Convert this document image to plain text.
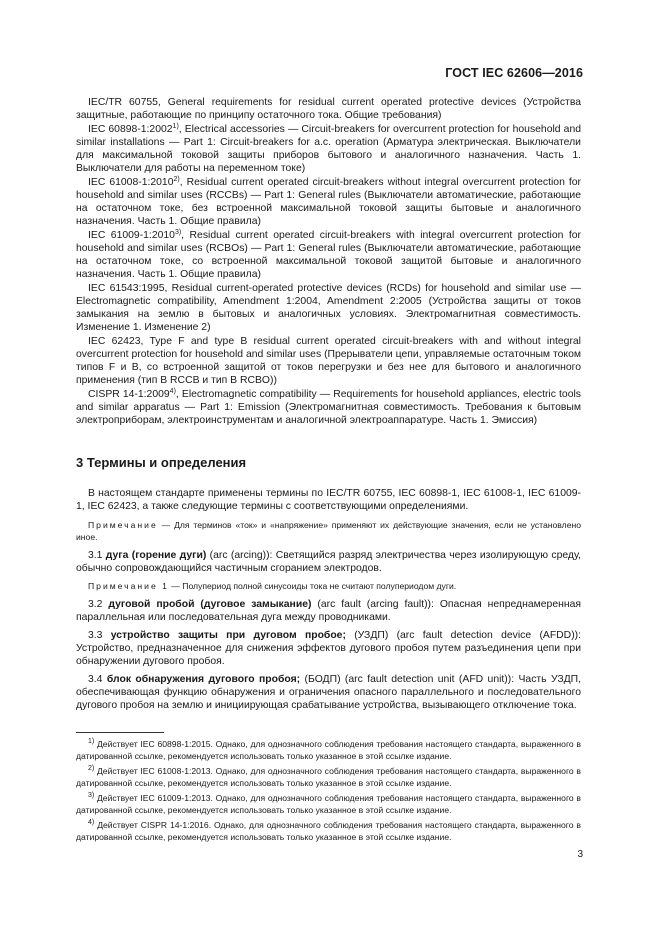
ГОСТ IEC 62606—2016

IEC/TR 60755, General requirements for residual current operated protective devices (Устройства защитные, работающие по принципу остаточного тока. Общие требования)

IEC 60898-1:2002$^{1)}$, Electrical accessories — Circuit-breakers for overcurrent protection for household and similar installations — Part 1: Circuit-breakers for a.c. operation (Арматура электрическая. Выключатели для максимальной токовой защиты приборов бытового и аналогичного назначения. Часть 1. Выключатели для работы на переменном токе)

IEC 61008-1:2010$^{2)}$, Residual current operated circuit-breakers without integral overcurrent protection for household and similar uses (RCCBs) — Part 1: General rules (Выключатели автоматические, работающие на остаточном токе, без встроенной максимальной токовой защиты бытовые и аналогичного назначения. Часть 1. Общие правила)

IEC 61009-1:2010$^{3)}$, Residual current operated circuit-breakers with integral overcurrent protection for household and similar uses (RCBOs) — Part 1: General rules (Выключатели автоматические, работающие на остаточном токе, со встроенной максимальной токовой защитой бытовые и аналогичного назначения. Часть 1. Общие правила)

IEC 61543:1995, Residual current-operated protective devices (RCDs) for household and similar use — Electromagnetic compatibility, Amendment 1:2004, Amendment 2:2005 (Устройства защиты от токов замыкания на землю в бытовых и аналогичных условиях. Электромагнитная совместимость. Изменение 1. Изменение 2)

IEC 62423, Type F and type B residual current operated circuit-breakers with and without integral overcurrent protection for household and similar uses (Прерыватели цепи, управляемые остаточным током типов F и B, со встроенной защитой от токов перегрузки и без нее для бытового и аналогичного применения (тип B RCCB и тип B RCBO))

CISPR 14-1:2009$^{4)}$, Electromagnetic compatibility — Requirements for household appliances, electric tools and similar apparatus — Part 1: Emission (Электромагнитная совместимость. Требования к бытовым электроприборам, электроинструментам и аналогичной электроаппаратуре. Часть 1. Эмиссия)

3 Термины и определения

В настоящем стандарте применены термины по IEC/TR 60755, IEC 60898-1, IEC 61008-1, IEC 61009-1, IEC 62423, а также следующие термины с соответствующими определениями.

Примечание — Для терминов «ток» и «напряжение» применяют их действующие значения, если не установлено иное.

3.1 дуга (горение дуги) (arc (arcing)): Светящийся разряд электричества через изолирующую среду, обычно сопровождающийся частичным сгоранием электродов.

Примечание 1 — Полупериод полной синусоиды тока не считают полупериодом дуги.

3.2 дуговой пробой (дуговое замыкание) (arc fault (arcing fault)): Опасная непреднамеренная параллельная или последовательная дуга между проводниками.

3.3 устройство защиты при дуговом пробое; (УЗДП) (arc fault detection device (AFDD)): Устройство, предназначенное для снижения эффектов дугового пробоя путем разъединения цепи при обнаружении дугового пробоя.

3.4 блок обнаружения дугового пробоя; (БОДП) (arc fault detection unit (AFD unit)): Часть УЗДП, обеспечивающая функцию обнаружения и ограничения опасного параллельного и последовательного дугового пробоя на землю и инициирующая срабатывание устройства, вызывающего отключение тока.

$^{1)}$ Действует IEC 60898-1:2015. Однако, для однозначного соблюдения требования настоящего стандарта, выраженного в датированной ссылке, рекомендуется использовать только указанное в этой ссылке издание.

$^{2)}$ Действует IEC 61008-1:2013. Однако, для однозначного соблюдения требования настоящего стандарта, выраженного в датированной ссылке, рекомендуется использовать только указанное в этой ссылке издание.

$^{3)}$ Действует IEC 61009-1:2013. Однако, для однозначного соблюдения требования настоящего стандарта, выраженного в датированной ссылке, рекомендуется использовать только указанное в этой ссылке издание.

$^{4)}$ Действует CISPR 14-1:2016. Однако, для однозначного соблюдения требования настоящего стандарта, выраженного в датированной ссылке, рекомендуется использовать только указанное в этой ссылке издание.

3
